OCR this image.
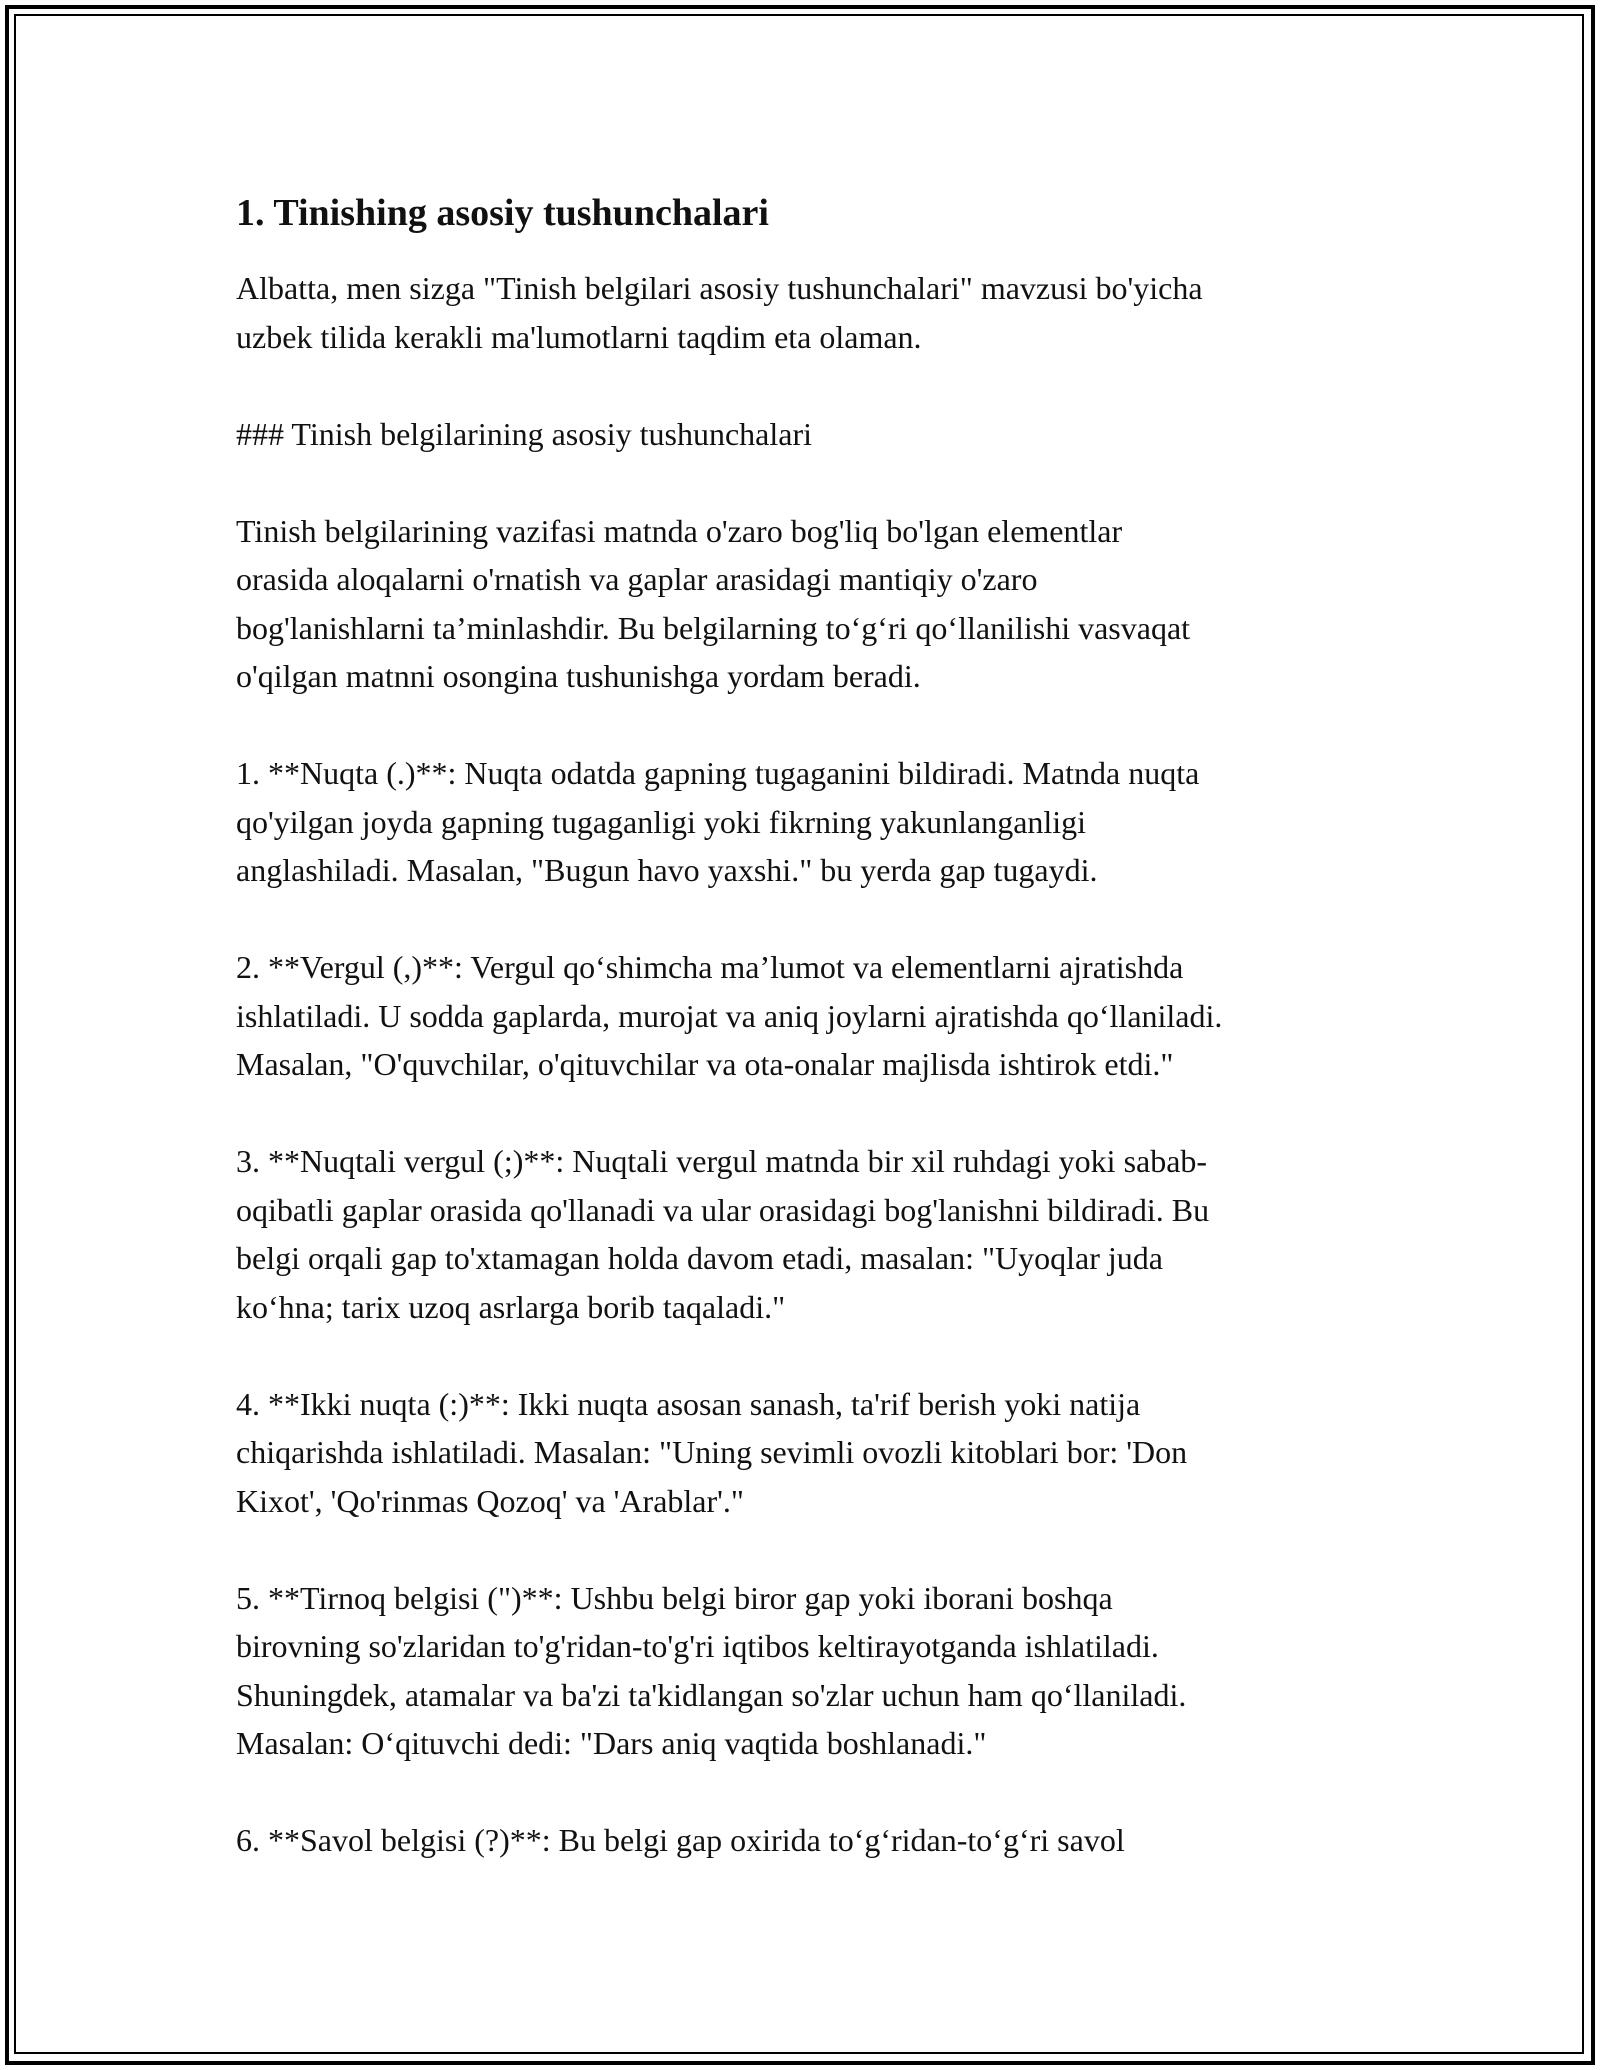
1. Tinishing asosiy tushunchalari

Albatta, men sizga "Tinish belgilari asosiy tushunchalari" mavzusi bo'yicha
uzbek tilida kerakli ma'lumotlarni taqdim eta olaman.

### Tinish belgilarining asosiy tushunchalari

Tinish belgilarining vazifasi matnda o'zaro bog'liq bo'lgan elementlar
orasida aloqalarni o'rnatish va gaplar arasidagi mantiqiy o'zaro
bog'lanishlarni ta’minlashdir. Bu belgilarning to‘g‘ri qo‘llanilishi vasvaqat
o'qilgan matnni osongina tushunishga yordam beradi.

1. **Nuqta (.)**: Nuqta odatda gapning tugaganini bildiradi. Matnda nuqta
qo'yilgan joyda gapning tugaganligi yoki fikrning yakunlanganligi
anglashiladi. Masalan, "Bugun havo yaxshi." bu yerda gap tugaydi.

2. **Vergul (,)**: Vergul qo‘shimcha ma’lumot va elementlarni ajratishda
ishlatiladi. U sodda gaplarda, murojat va aniq joylarni ajratishda qo‘llaniladi.
Masalan, "O'quvchilar, o'qituvchilar va ota-onalar majlisda ishtirok etdi."

3. **Nuqtali vergul (;)**: Nuqtali vergul matnda bir xil ruhdagi yoki sabab-
oqibatli gaplar orasida qo'llanadi va ular orasidagi bog'lanishni bildiradi. Bu
belgi orqali gap to'xtamagan holda davom etadi, masalan: "Uyoqlar juda
ko‘hna; tarix uzoq asrlarga borib taqaladi."

4. **Ikki nuqta (:)**: Ikki nuqta asosan sanash, ta'rif berish yoki natija
chiqarishda ishlatiladi. Masalan: "Uning sevimli ovozli kitoblari bor: 'Don
Kixot', 'Qo'rinmas Qozoq' va 'Arablar'."

5. **Tirnoq belgisi (")**: Ushbu belgi biror gap yoki iborani boshqa
birovning so'zlaridan to'g'ridan-to'g'ri iqtibos keltirayotganda ishlatiladi.
Shuningdek, atamalar va ba'zi ta'kidlangan so'zlar uchun ham qo‘llaniladi.
Masalan: O‘qituvchi dedi: "Dars aniq vaqtida boshlanadi."

6. **Savol belgisi (?)**: Bu belgi gap oxirida to‘g‘ridan-to‘g‘ri savol
